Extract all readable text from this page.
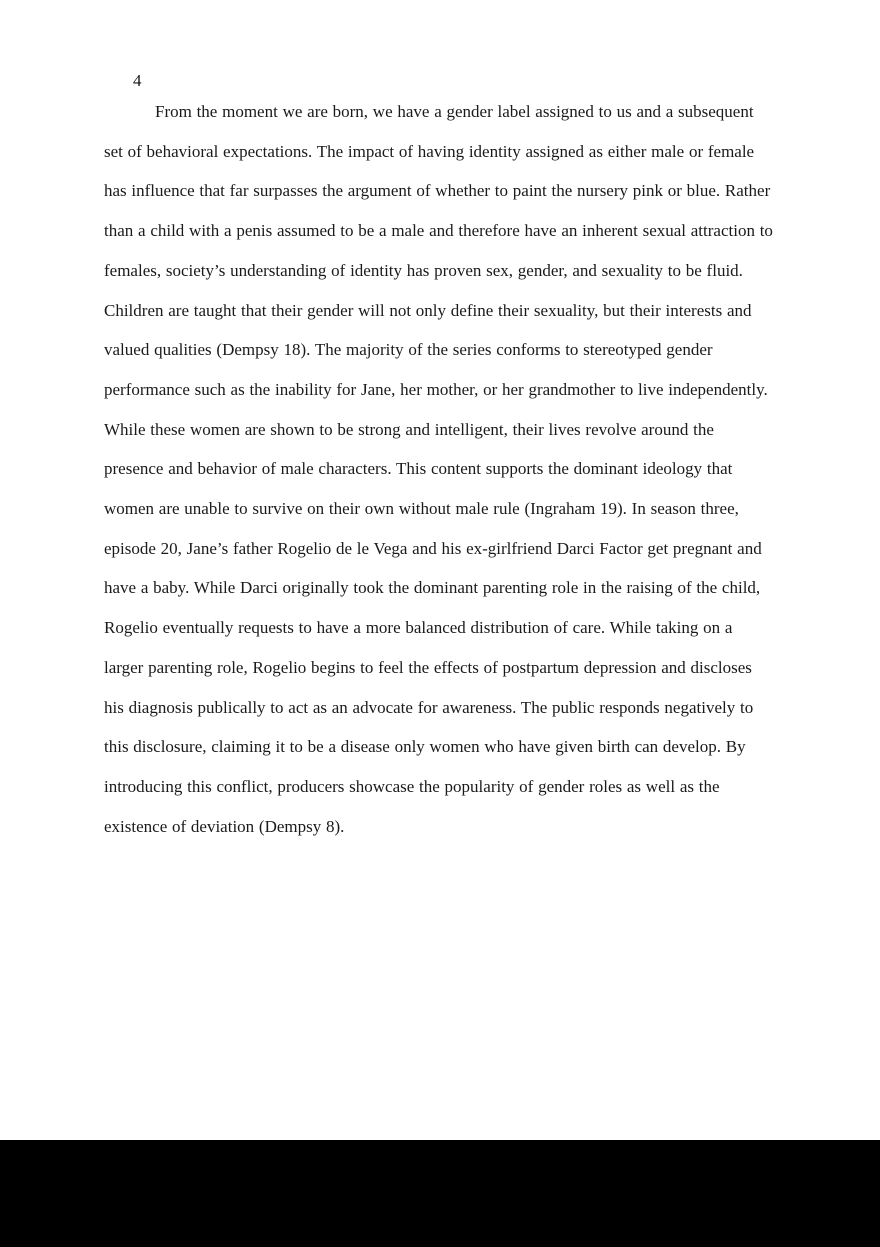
4

From the moment we are born, we have a gender label assigned to us and a subsequent set of behavioral expectations. The impact of having identity assigned as either male or female has influence that far surpasses the argument of whether to paint the nursery pink or blue. Rather than a child with a penis assumed to be a male and therefore have an inherent sexual attraction to females, society’s understanding of identity has proven sex, gender, and sexuality to be fluid. Children are taught that their gender will not only define their sexuality, but their interests and valued qualities (Dempsy 18). The majority of the series conforms to stereotyped gender performance such as the inability for Jane, her mother, or her grandmother to live independently. While these women are shown to be strong and intelligent, their lives revolve around the presence and behavior of male characters. This content supports the dominant ideology that women are unable to survive on their own without male rule (Ingraham 19). In season three, episode 20, Jane’s father Rogelio de le Vega and his ex-girlfriend Darci Factor get pregnant and have a baby. While Darci originally took the dominant parenting role in the raising of the child, Rogelio eventually requests to have a more balanced distribution of care. While taking on a larger parenting role, Rogelio begins to feel the effects of postpartum depression and discloses his diagnosis publically to act as an advocate for awareness. The public responds negatively to this disclosure, claiming it to be a disease only women who have given birth can develop. By introducing this conflict, producers showcase the popularity of gender roles as well as the existence of deviation (Dempsy 8).
